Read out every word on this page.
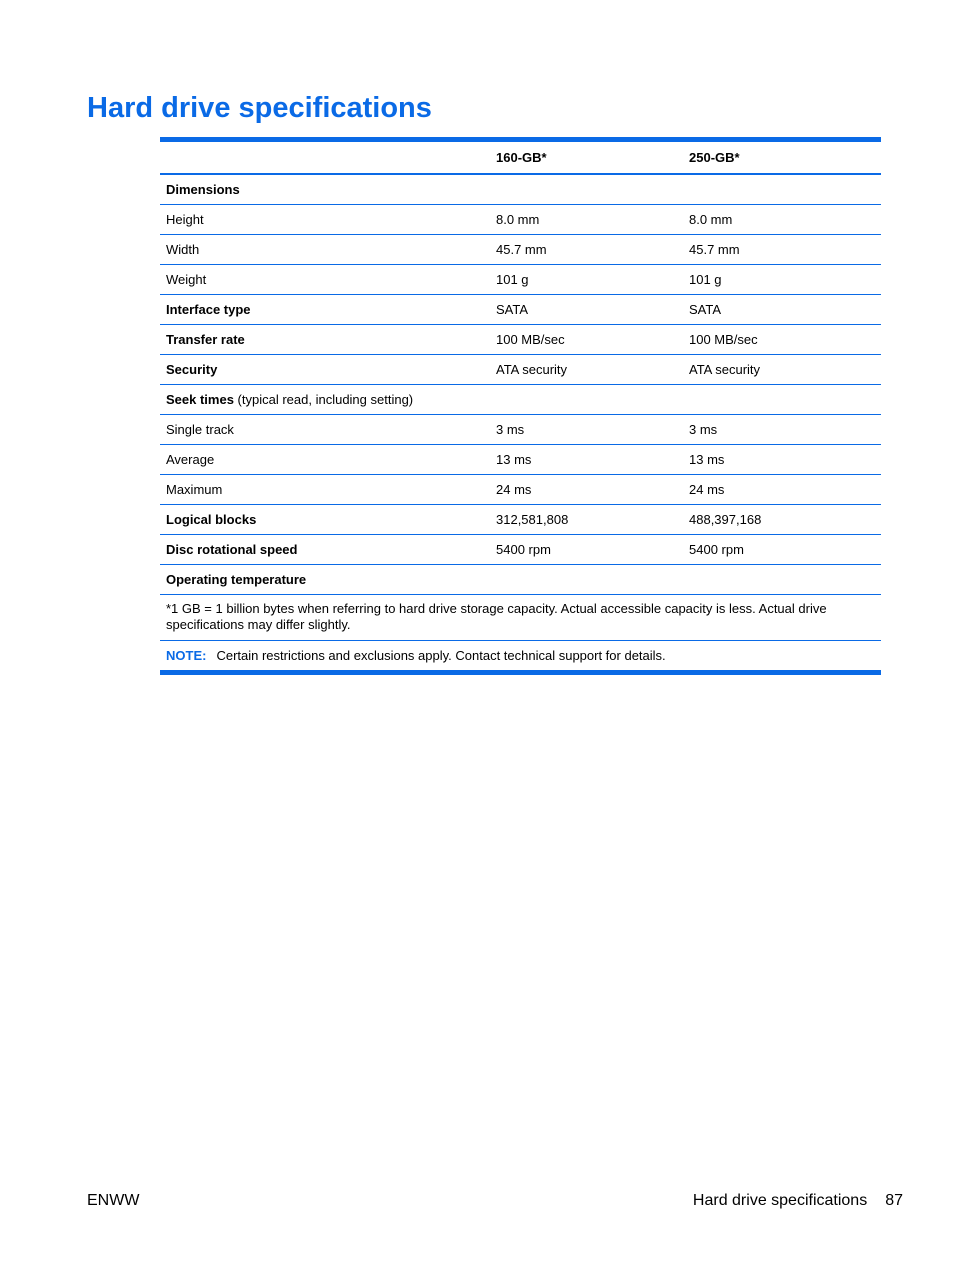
Hard drive specifications
	160-GB*	250-GB*
Dimensions		
Height	8.0 mm	8.0 mm
Width	45.7 mm	45.7 mm
Weight	101 g	101 g
Interface type	SATA	SATA
Transfer rate	100 MB/sec	100 MB/sec
Security	ATA security	ATA security
Seek times (typical read, including setting)		
Single track	3 ms	3 ms
Average	13 ms	13 ms
Maximum	24 ms	24 ms
Logical blocks	312,581,808	488,397,168
Disc rotational speed	5400 rpm	5400 rpm
Operating temperature		
*1 GB = 1 billion bytes when referring to hard drive storage capacity. Actual accessible capacity is less. Actual drive specifications may differ slightly.		
NOTE: Certain restrictions and exclusions apply. Contact technical support for details.		
ENWW	Hard drive specifications 87
